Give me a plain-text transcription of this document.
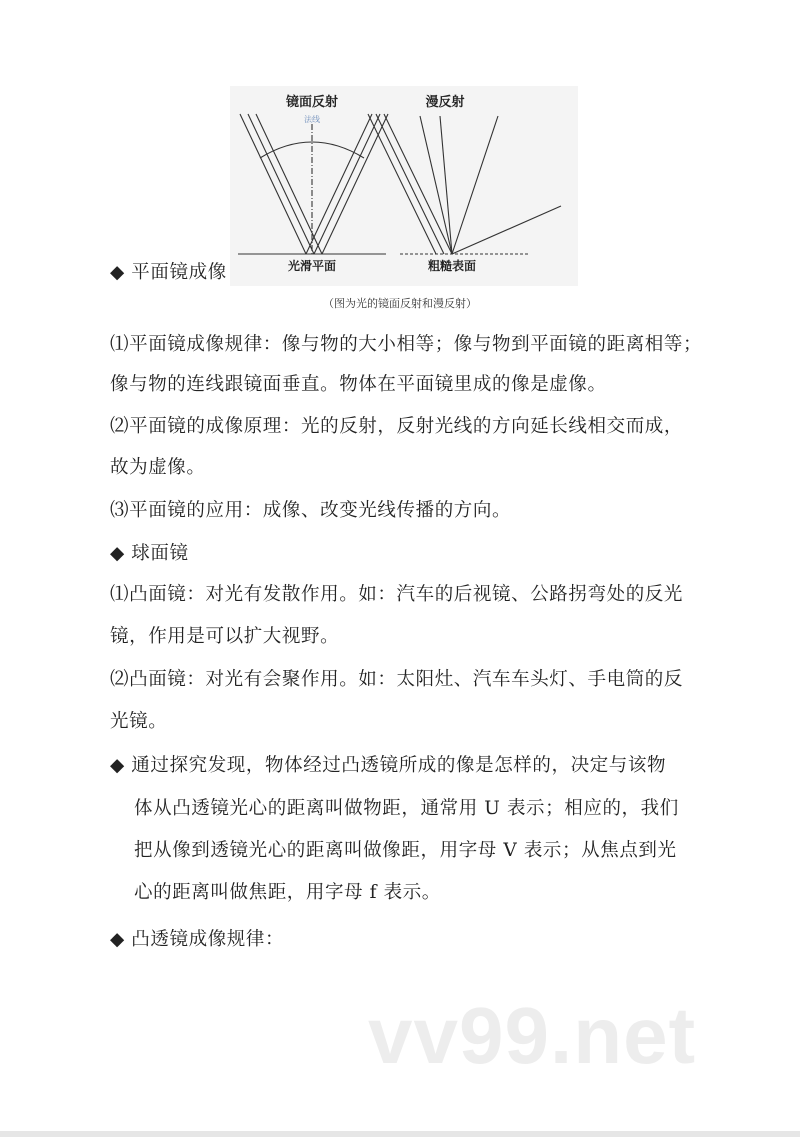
镜面反射	漫反射
法线
光滑平面	粗糙表面
（图为光的镜面反射和漫反射）
◆ 平面镜成像
⑴平面镜成像规律：像与物的大小相等；像与物到平面镜的距离相等；
像与物的连线跟镜面垂直。物体在平面镜里成的像是虚像。
⑵平面镜的成像原理：光的反射，反射光线的方向延长线相交而成，
故为虚像。
⑶平面镜的应用：成像、改变光线传播的方向。
◆ 球面镜
⑴凸面镜：对光有发散作用。如：汽车的后视镜、公路拐弯处的反光
镜，作用是可以扩大视野。
⑵凸面镜：对光有会聚作用。如：太阳灶、汽车车头灯、手电筒的反
光镜。
◆ 通过探究发现，物体经过凸透镜所成的像是怎样的，决定与该物
体从凸透镜光心的距离叫做物距，通常用 U 表示；相应的，我们
把从像到透镜光心的距离叫做像距，用字母 V 表示；从焦点到光
心的距离叫做焦距，用字母 f 表示。
◆ 凸透镜成像规律：
vv99.net
